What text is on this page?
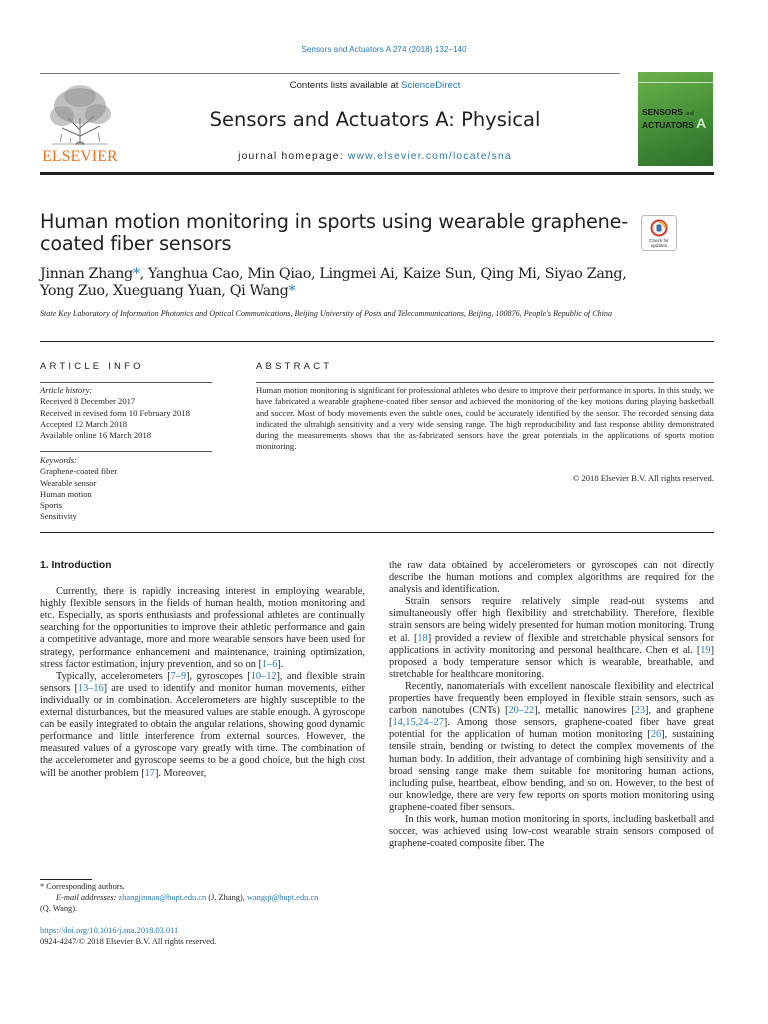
Sensors and Actuators A 274 (2018) 132–140
ELSEVIER
Contents lists available at ScienceDirect
Sensors and Actuators A: Physical
journal homepage: www.elsevier.com/locate/sna
SENSORS and
ACTUATORS A
Human motion monitoring in sports using wearable graphene-coated fiber sensors	Check for
updates
Jinnan Zhang*, Yanghua Cao, Min Qiao, Lingmei Ai, Kaize Sun, Qing Mi, Siyao Zang,
Yong Zuo, Xueguang Yuan, Qi Wang*
State Key Laboratory of Information Photonics and Optical Communications, Beijing University of Posts and Telecommunications, Beijing, 100876, People's Republic of China
ARTICLE INFO
Article history:
Received 8 December 2017
Received in revised form 10 February 2018
Accepted 12 March 2018
Available online 16 March 2018
Keywords:
Graphene-coated fiber
Wearable sensor
Human motion
Sports
Sensitivity
ABSTRACT
Human motion monitoring is significant for professional athletes who desire to improve their performance in sports. In this study, we have fabricated a wearable graphene-coated fiber sensor and achieved the monitoring of the key motions during playing basketball and soccer. Most of body movements even the subtle ones, could be accurately identified by the sensor. The recorded sensing data indicated the ultrahigh sensitivity and a very wide sensing range. The high reproducibility and fast response ability demonstrated during the measurements shows that the as-fabricated sensors have the great potentials in the applications of sports motion monitoring.
© 2018 Elsevier B.V. All rights reserved.

1. Introduction

Currently, there is rapidly increasing interest in employing wearable, highly flexible sensors in the fields of human health, motion monitoring and etc. Especially, as sports enthusiasts and professional athletes are continually searching for the opportunities to improve their athletic performance and gain a competitive advantage, more and more wearable sensors have been used for strategy, performance enhancement and maintenance, training optimization, stress factor estimation, injury prevention, and so on [1–6].

Typically, accelerometers [7–9], gyroscopes [10–12], and flexible strain sensors [13–16] are used to identify and monitor human movements, either individually or in combination. Accelerometers are highly susceptible to the external disturbances, but the measured values are stable enough. A gyroscope can be easily integrated to obtain the angular relations, showing good dynamic performance and little interference from external sources. However, the measured values of a gyroscope vary greatly with time. The combination of the accelerometer and gyroscope seems to be a good choice, but the high cost will be another problem [17]. Moreover,

the raw data obtained by accelerometers or gyroscopes can not directly describe the human motions and complex algorithms are required for the analysis and identification.

Strain sensors require relatively simple read-out systems and simultaneously offer high flexibility and stretchability. Therefore, flexible strain sensors are being widely presented for human motion monitoring. Trung et al. [18] provided a review of flexible and stretchable physical sensors for applications in activity monitoring and personal healthcare. Chen et al. [19] proposed a body temperature sensor which is wearable, breathable, and stretchable for healthcare monitoring.

Recently, nanomaterials with excellent nanoscale flexibility and electrical properties have frequently been employed in flexible strain sensors, such as carbon nanotubes (CNTs) [20–22], metallic nanowires [23], and graphene [14,15,24–27]. Among those sensors, graphene-coated fiber have great potential for the application of human motion monitoring [26], sustaining tensile strain, bending or twisting to detect the complex movements of the human body. In addition, their advantage of combining high sensitivity and a broad sensing range make them suitable for monitoring human actions, including pulse, heartbeat, elbow bending, and so on. However, to the best of our knowledge, there are very few reports on sports motion monitoring using graphene-coated fiber sensors.

In this work, human motion monitoring in sports, including basketball and soccer, was achieved using low-cost wearable strain sensors composed of graphene-coated composite fiber. The

* Corresponding authors.
E-mail addresses: zhangjinnan@bupt.edu.cn (J. Zhang), wangqi@bupt.edu.cn
(Q. Wang).
https://doi.org/10.1016/j.sna.2018.03.011
0924-4247/© 2018 Elsevier B.V. All rights reserved.
